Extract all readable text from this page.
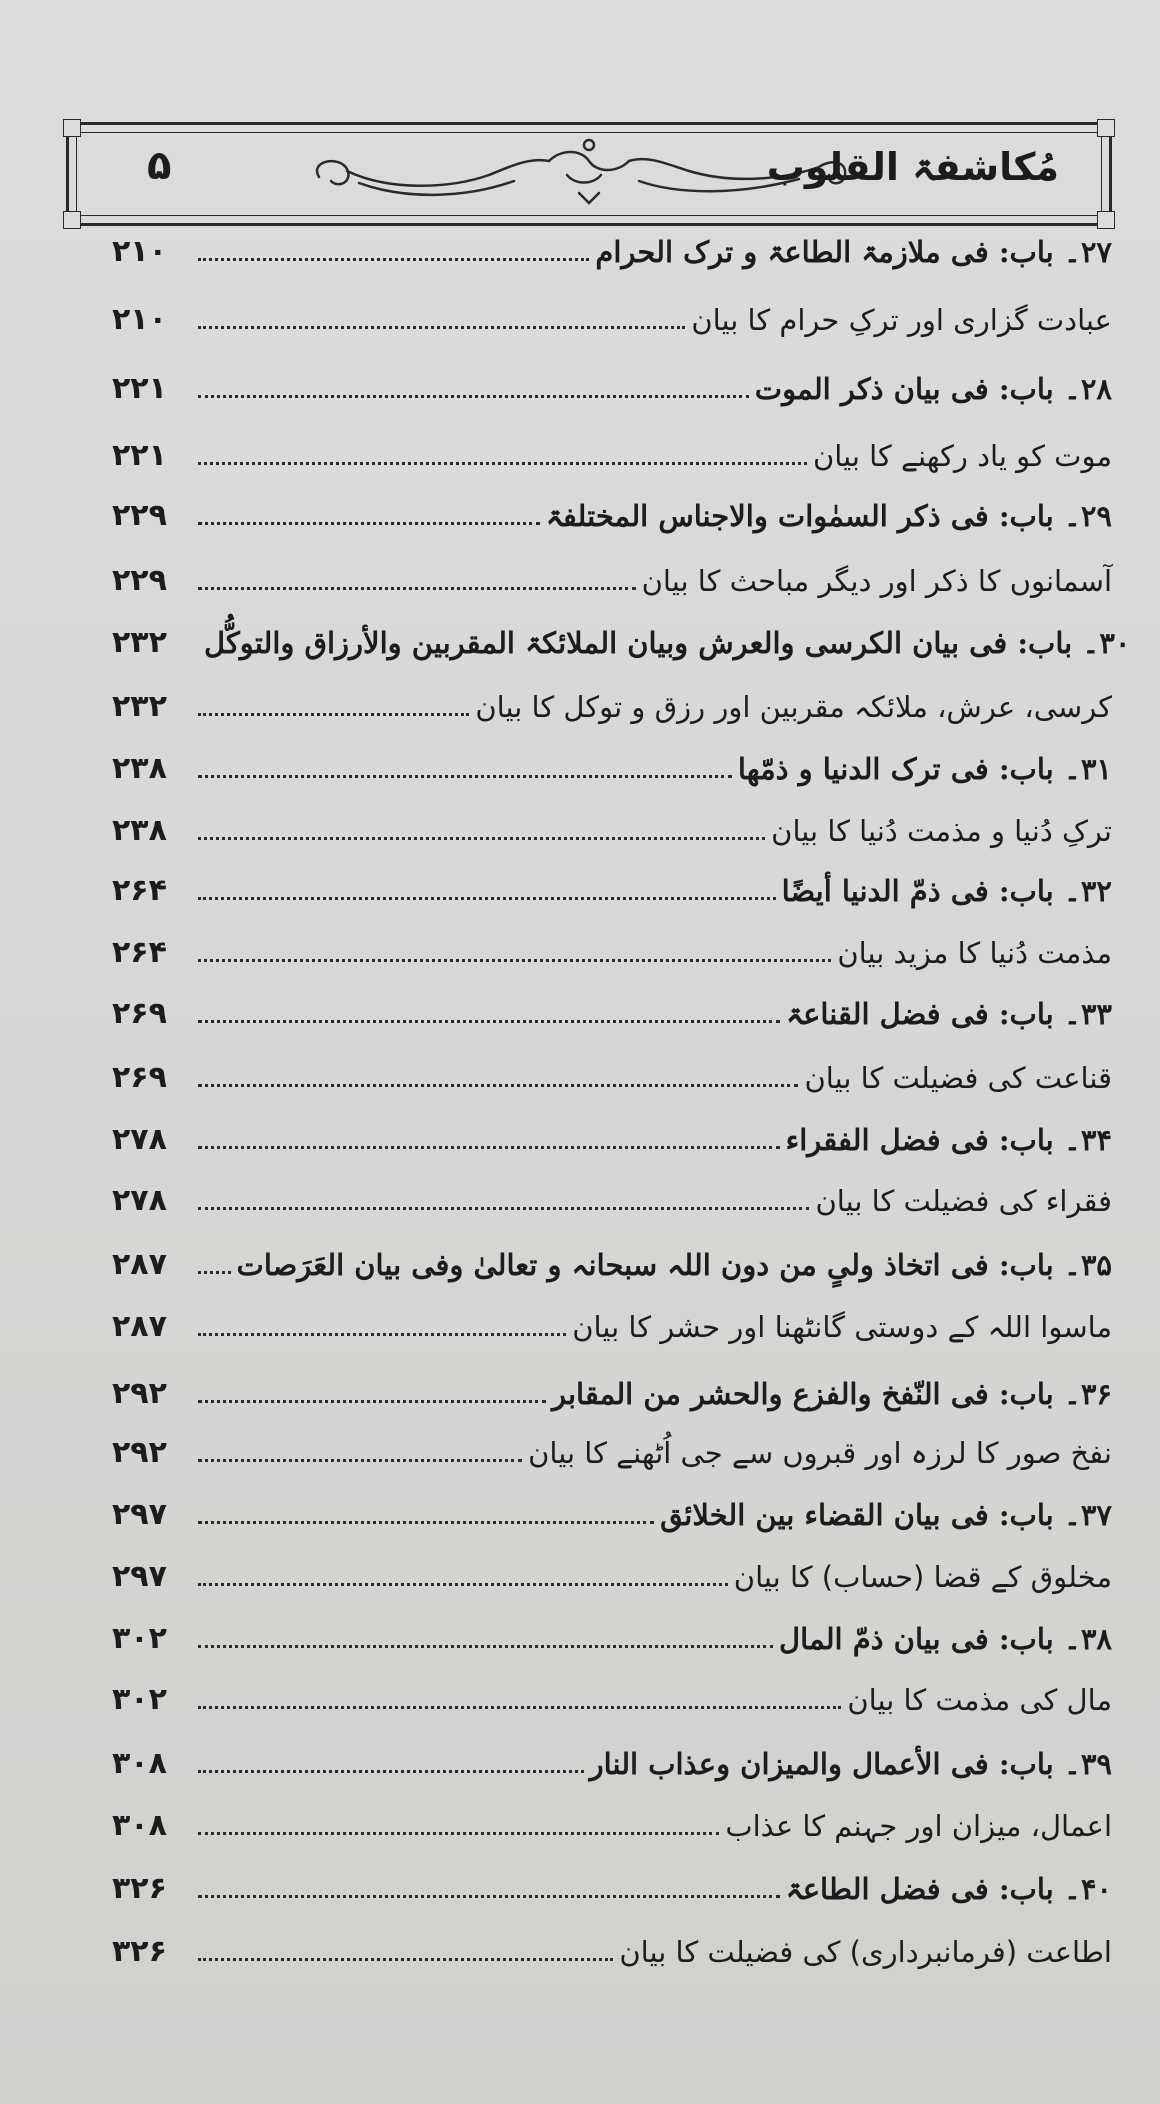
۵	مُکاشفۃ القلوب
۲۱۰	۲۷۔ باب: فی ملازمۃ الطاعۃ و ترک الحرام
۲۱۰	عبادت گزاری اور ترکِ حرام کا بیان
۲۲۱	۲۸۔ باب: فی بیان ذکر الموت
۲۲۱	موت کو یاد رکھنے کا بیان
۲۲۹	۲۹۔ باب: فی ذکر السمٰوات والاجناس المختلفۃ
۲۲۹	آسمانوں کا ذکر اور دیگر مباحث کا بیان
۲۳۲	۳۰۔ باب: فی بیان الکرسی والعرش وبیان الملائکۃ المقربین والأرزاق والتوکُّل
۲۳۲	کرسی، عرش، ملائکہ مقربین اور رزق و توکل کا بیان
۲۳۸	۳۱۔ باب: فی ترک الدنیا و ذمّھا
۲۳۸	ترکِ دُنیا و مذمت دُنیا کا بیان
۲۶۴	۳۲۔ باب: فی ذمّ الدنیا أیضًا
۲۶۴	مذمت دُنیا کا مزید بیان
۲۶۹	۳۳۔ باب: فی فضل القناعۃ
۲۶۹	قناعت کی فضیلت کا بیان
۲۷۸	۳۴۔ باب: فی فضل الفقراء
۲۷۸	فقراء کی فضیلت کا بیان
۲۸۷	۳۵۔ باب: فی اتخاذ ولیٍ من دون اللہ سبحانہ و تعالیٰ وفی بیان العَرَصات
۲۸۷	ماسوا اللہ کے دوستی گانٹھنا اور حشر کا بیان
۲۹۲	۳۶۔ باب: فی النّفخ والفزع والحشر من المقابر
۲۹۲	نفخ صور کا لرزہ اور قبروں سے جی اُٹھنے کا بیان
۲۹۷	۳۷۔ باب: فی بیان القضاء بین الخلائق
۲۹۷	مخلوق کے قضا (حساب) کا بیان
۳۰۲	۳۸۔ باب: فی بیان ذمّ المال
۳۰۲	مال کی مذمت کا بیان
۳۰۸	۳۹۔ باب: فی الأعمال والمیزان وعذاب النار
۳۰۸	اعمال، میزان اور جہنم کا عذاب
۳۲۶	۴۰۔ باب: فی فضل الطاعۃ
۳۲۶	اطاعت (فرمانبرداری) کی فضیلت کا بیان
